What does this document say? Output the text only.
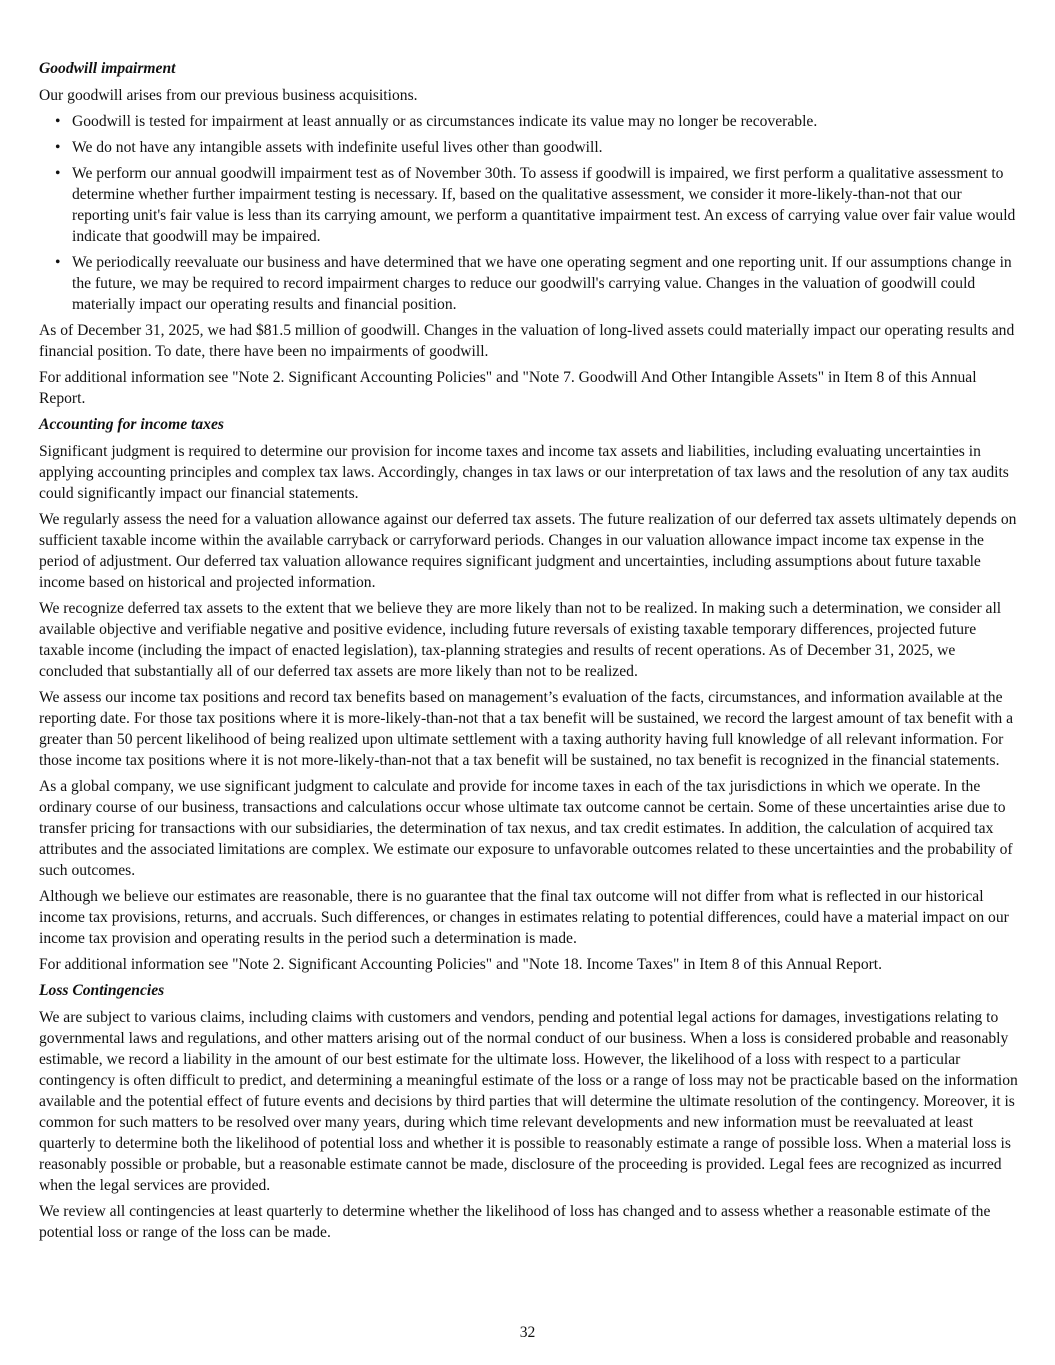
Goodwill impairment

Our goodwill arises from our previous business acquisitions.

• Goodwill is tested for impairment at least annually or as circumstances indicate its value may no longer be recoverable.
• We do not have any intangible assets with indefinite useful lives other than goodwill.
• We perform our annual goodwill impairment test as of November 30th. To assess if goodwill is impaired, we first perform a qualitative assessment to determine whether further impairment testing is necessary. If, based on the qualitative assessment, we consider it more-likely-than-not that our reporting unit's fair value is less than its carrying amount, we perform a quantitative impairment test. An excess of carrying value over fair value would indicate that goodwill may be impaired.
• We periodically reevaluate our business and have determined that we have one operating segment and one reporting unit. If our assumptions change in the future, we may be required to record impairment charges to reduce our goodwill's carrying value. Changes in the valuation of goodwill could materially impact our operating results and financial position.

As of December 31, 2025, we had $81.5 million of goodwill. Changes in the valuation of long-lived assets could materially impact our operating results and financial position. To date, there have been no impairments of goodwill.

For additional information see "Note 2. Significant Accounting Policies" and "Note 7. Goodwill And Other Intangible Assets" in Item 8 of this Annual Report.

Accounting for income taxes

Significant judgment is required to determine our provision for income taxes and income tax assets and liabilities, including evaluating uncertainties in applying accounting principles and complex tax laws. Accordingly, changes in tax laws or our interpretation of tax laws and the resolution of any tax audits could significantly impact our financial statements.

We regularly assess the need for a valuation allowance against our deferred tax assets. The future realization of our deferred tax assets ultimately depends on sufficient taxable income within the available carryback or carryforward periods. Changes in our valuation allowance impact income tax expense in the period of adjustment. Our deferred tax valuation allowance requires significant judgment and uncertainties, including assumptions about future taxable income based on historical and projected information.

We recognize deferred tax assets to the extent that we believe they are more likely than not to be realized. In making such a determination, we consider all available objective and verifiable negative and positive evidence, including future reversals of existing taxable temporary differences, projected future taxable income (including the impact of enacted legislation), tax-planning strategies and results of recent operations. As of December 31, 2025, we concluded that substantially all of our deferred tax assets are more likely than not to be realized.

We assess our income tax positions and record tax benefits based on management’s evaluation of the facts, circumstances, and information available at the reporting date. For those tax positions where it is more-likely-than-not that a tax benefit will be sustained, we record the largest amount of tax benefit with a greater than 50 percent likelihood of being realized upon ultimate settlement with a taxing authority having full knowledge of all relevant information. For those income tax positions where it is not more-likely-than-not that a tax benefit will be sustained, no tax benefit is recognized in the financial statements.

As a global company, we use significant judgment to calculate and provide for income taxes in each of the tax jurisdictions in which we operate. In the ordinary course of our business, transactions and calculations occur whose ultimate tax outcome cannot be certain. Some of these uncertainties arise due to transfer pricing for transactions with our subsidiaries, the determination of tax nexus, and tax credit estimates. In addition, the calculation of acquired tax attributes and the associated limitations are complex. We estimate our exposure to unfavorable outcomes related to these uncertainties and the probability of such outcomes.

Although we believe our estimates are reasonable, there is no guarantee that the final tax outcome will not differ from what is reflected in our historical income tax provisions, returns, and accruals. Such differences, or changes in estimates relating to potential differences, could have a material impact on our income tax provision and operating results in the period such a determination is made.

For additional information see "Note 2. Significant Accounting Policies" and "Note 18. Income Taxes" in Item 8 of this Annual Report.

Loss Contingencies

We are subject to various claims, including claims with customers and vendors, pending and potential legal actions for damages, investigations relating to governmental laws and regulations, and other matters arising out of the normal conduct of our business. When a loss is considered probable and reasonably estimable, we record a liability in the amount of our best estimate for the ultimate loss. However, the likelihood of a loss with respect to a particular contingency is often difficult to predict, and determining a meaningful estimate of the loss or a range of loss may not be practicable based on the information available and the potential effect of future events and decisions by third parties that will determine the ultimate resolution of the contingency. Moreover, it is common for such matters to be resolved over many years, during which time relevant developments and new information must be reevaluated at least quarterly to determine both the likelihood of potential loss and whether it is possible to reasonably estimate a range of possible loss. When a material loss is reasonably possible or probable, but a reasonable estimate cannot be made, disclosure of the proceeding is provided. Legal fees are recognized as incurred when the legal services are provided.

We review all contingencies at least quarterly to determine whether the likelihood of loss has changed and to assess whether a reasonable estimate of the potential loss or range of the loss can be made.

32
